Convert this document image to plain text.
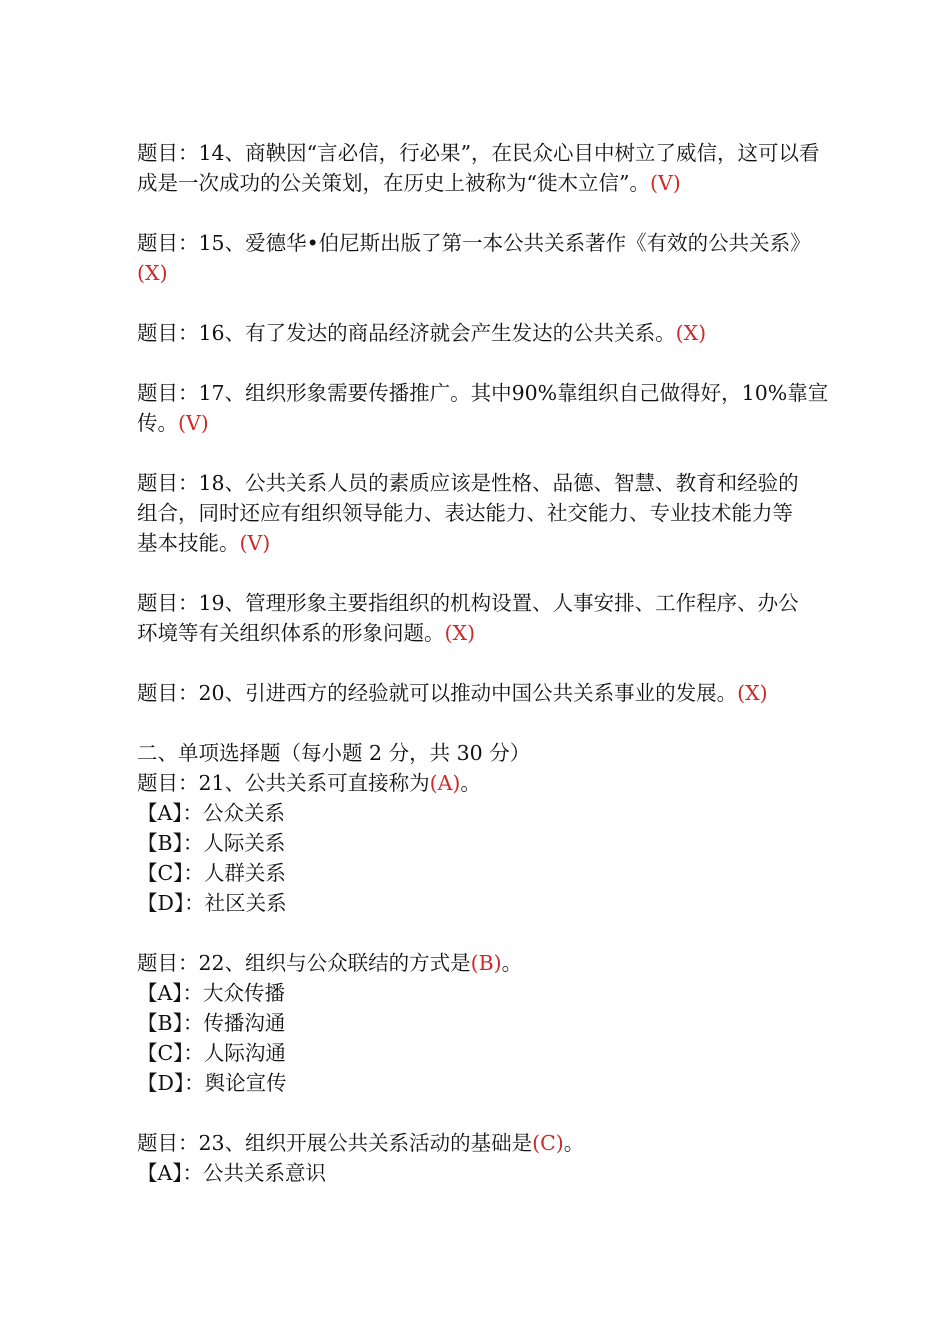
题目：14、商鞅因“言必信，行必果”，在民众心目中树立了威信，这可以看
成是一次成功的公关策划，在历史上被称为“徙木立信”。(V)
题目：15、爱德华•伯尼斯出版了第一本公共关系著作《有效的公共关系》
(X)
题目：16、有了发达的商品经济就会产生发达的公共关系。(X)
题目：17、组织形象需要传播推广。其中90%靠组织自己做得好，10%靠宣
传。(V)
题目：18、公共关系人员的素质应该是性格、品德、智慧、教育和经验的
组合，同时还应有组织领导能力、表达能力、社交能力、专业技术能力等
基本技能。(V)
题目：19、管理形象主要指组织的机构设置、人事安排、工作程序、办公
环境等有关组织体系的形象问题。(X)
题目：20、引进西方的经验就可以推动中国公共关系事业的发展。(X)
二、单项选择题（每小题 2 分，共 30 分）
题目：21、公共关系可直接称为(A)。
【A】：公众关系
【B】：人际关系
【C】：人群关系
【D】：社区关系
题目：22、组织与公众联结的方式是(B)。
【A】：大众传播
【B】：传播沟通
【C】：人际沟通
【D】：舆论宣传
题目：23、组织开展公共关系活动的基础是(C)。
【A】：公共关系意识
